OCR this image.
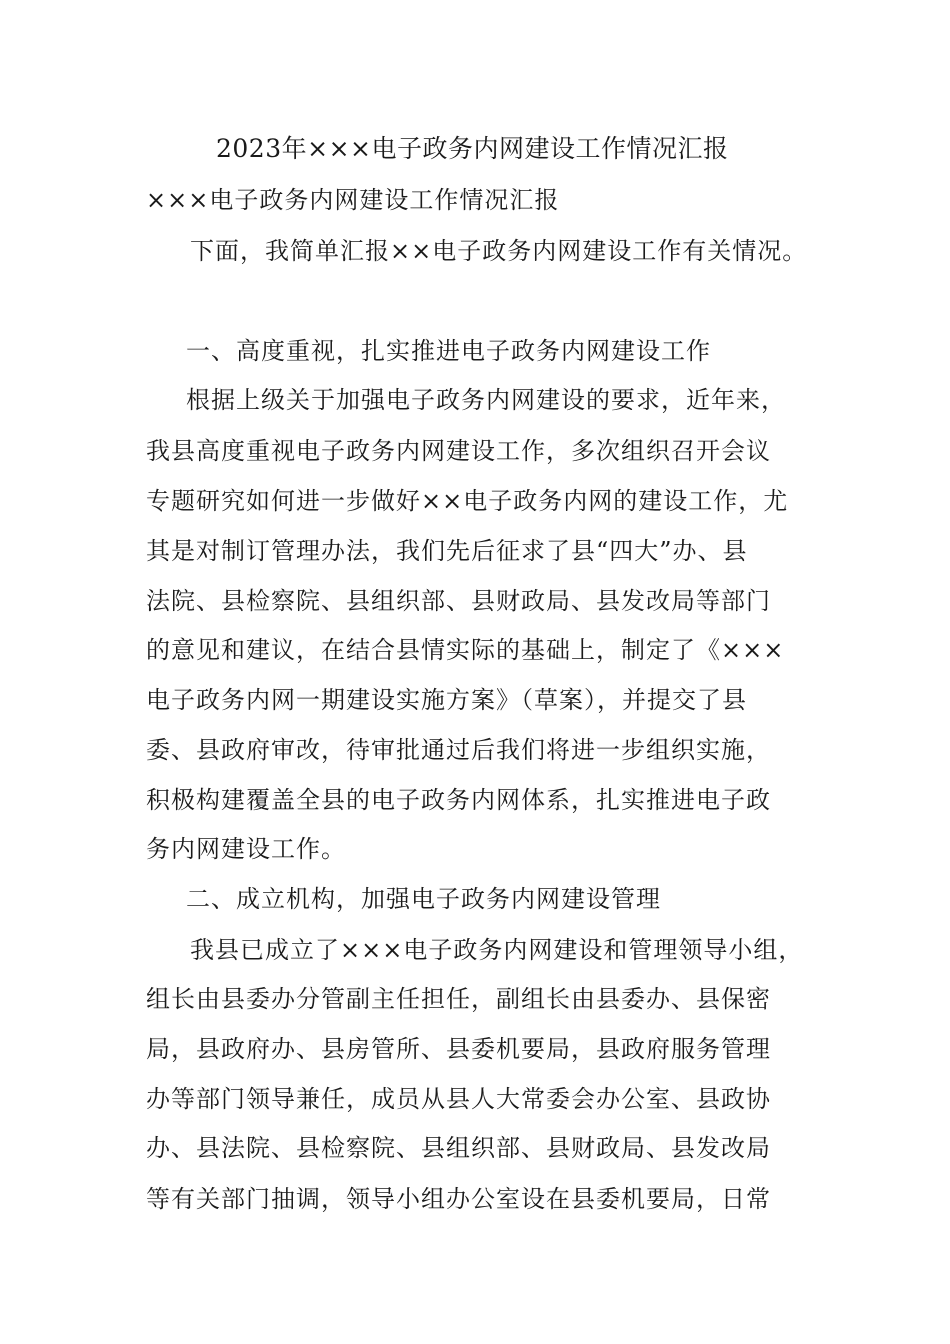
2023年×××电子政务内网建设工作情况汇报
×××电子政务内网建设工作情况汇报
下面，我简单汇报××电子政务内网建设工作有关情况。
一、高度重视，扎实推进电子政务内网建设工作
根据上级关于加强电子政务内网建设的要求，近年来，
我县高度重视电子政务内网建设工作，多次组织召开会议
专题研究如何进一步做好××电子政务内网的建设工作，尤
其是对制订管理办法，我们先后征求了县“四大”办、县
法院、县检察院、县组织部、县财政局、县发改局等部门
的意见和建议，在结合县情实际的基础上，制定了《×××
电子政务内网一期建设实施方案》（草案），并提交了县
委、县政府审改，待审批通过后我们将进一步组织实施，
积极构建覆盖全县的电子政务内网体系，扎实推进电子政
务内网建设工作。
二、成立机构，加强电子政务内网建设管理
我县已成立了×××电子政务内网建设和管理领导小组，
组长由县委办分管副主任担任，副组长由县委办、县保密
局，县政府办、县房管所、县委机要局，县政府服务管理
办等部门领导兼任，成员从县人大常委会办公室、县政协
办、县法院、县检察院、县组织部、县财政局、县发改局
等有关部门抽调，领导小组办公室设在县委机要局，日常
